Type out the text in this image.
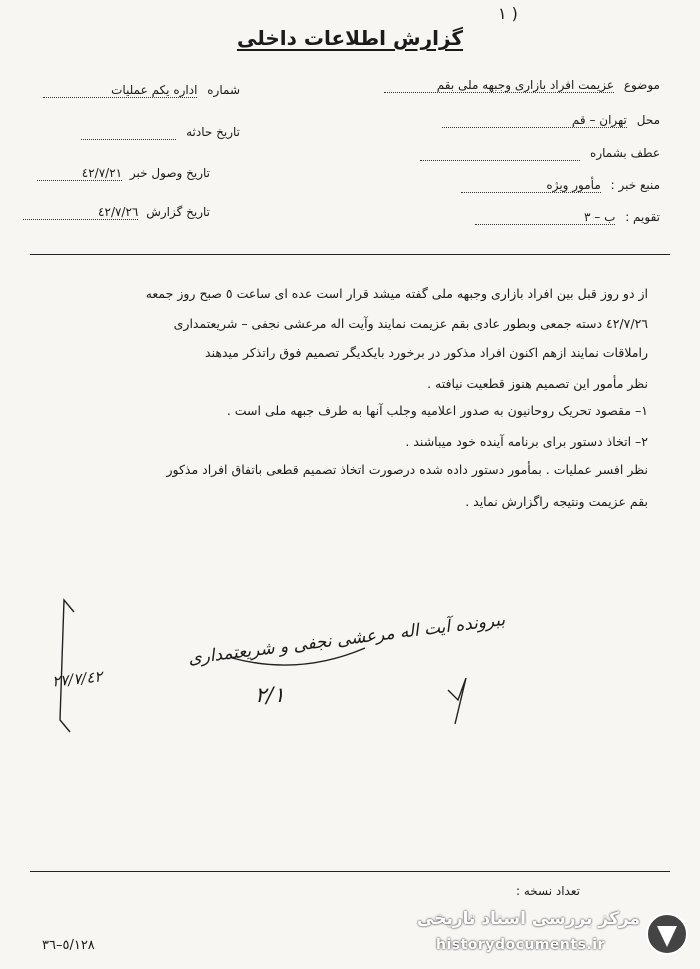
( ١
گزارش اطلاعات داخلی
شماره اداره یکم عملیات
تاریخ حادثه
تاریخ وصول خبر ٤٢/٧/٢١
تاریخ گزارش ٤٢/٧/٢٦
موضوع عزیمت افراد بازاری وجبهه ملی بقم
محل تهران – قم
عطف بشماره
منبع خبر : مأمور ویژه
تقویم : ب – ٣
از دو روز قبل بین افراد بازاری وجبهه ملی گفته میشد قرار است عده ای ساعت ٥ صبح روز جمعه
٤٢/٧/٢٦ دسته جمعی وبطور عادی بقم عزیمت نمایند وآیت اله مرعشی نجفی – شریعتمداری
راملاقات نمایند ازهم اکنون افراد مذکور در برخورد بایکدیگر تصمیم فوق راتذکر میدهند
نظر مأمور این تصمیم هنوز قطعیت نیافته .
١– مقصود تحریک روحانیون به صدور اعلامیه وجلب آنها به طرف جبهه ملی است .
٢– اتخاذ دستور برای برنامه آینده خود میباشند .
نظر افسر عملیات . بمأمور دستور داده شده درصورت اتخاذ تصمیم قطعی باتفاق افراد مذکور
بقم عزیمت ونتیجه راگزارش نماید .
ببرونده آیت اله مرعشی نجفی و شریعتمداری
٢٧/٧/٤٢
٢/١
تعداد نسخه :
٥/١٢٨–٣٦
مرکز بررسی اسناد تاریخی
historydocuments.ir
